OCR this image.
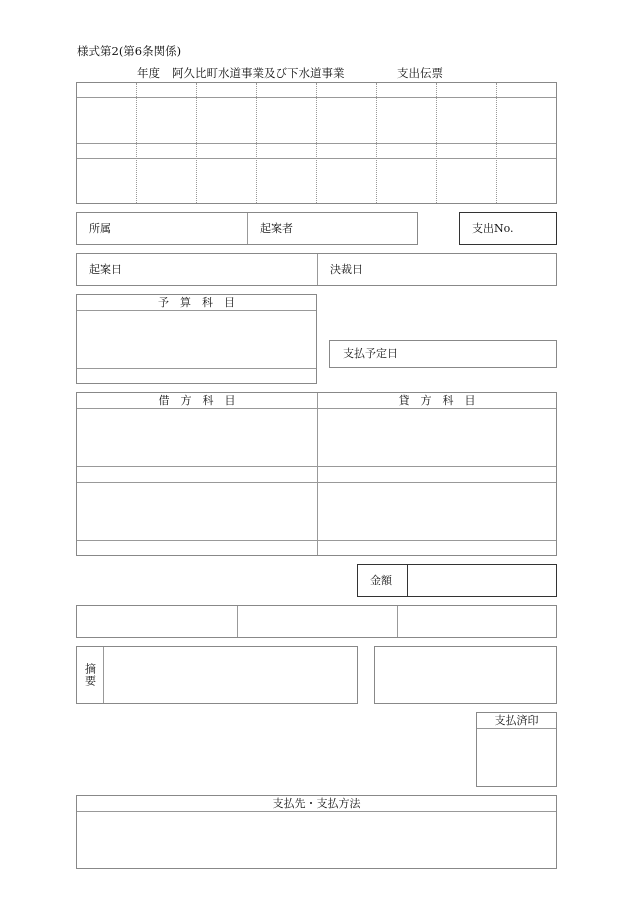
様式第2(第6条関係)
年度 阿久比町水道事業及び下水道事業	支出伝票
所属	起案者	支出No.
起案日	決裁日
予　算　科　目
支払予定日
借　方　科　目	貸　方　科　目
金額
摘要
支払済印
支払先・支払方法
